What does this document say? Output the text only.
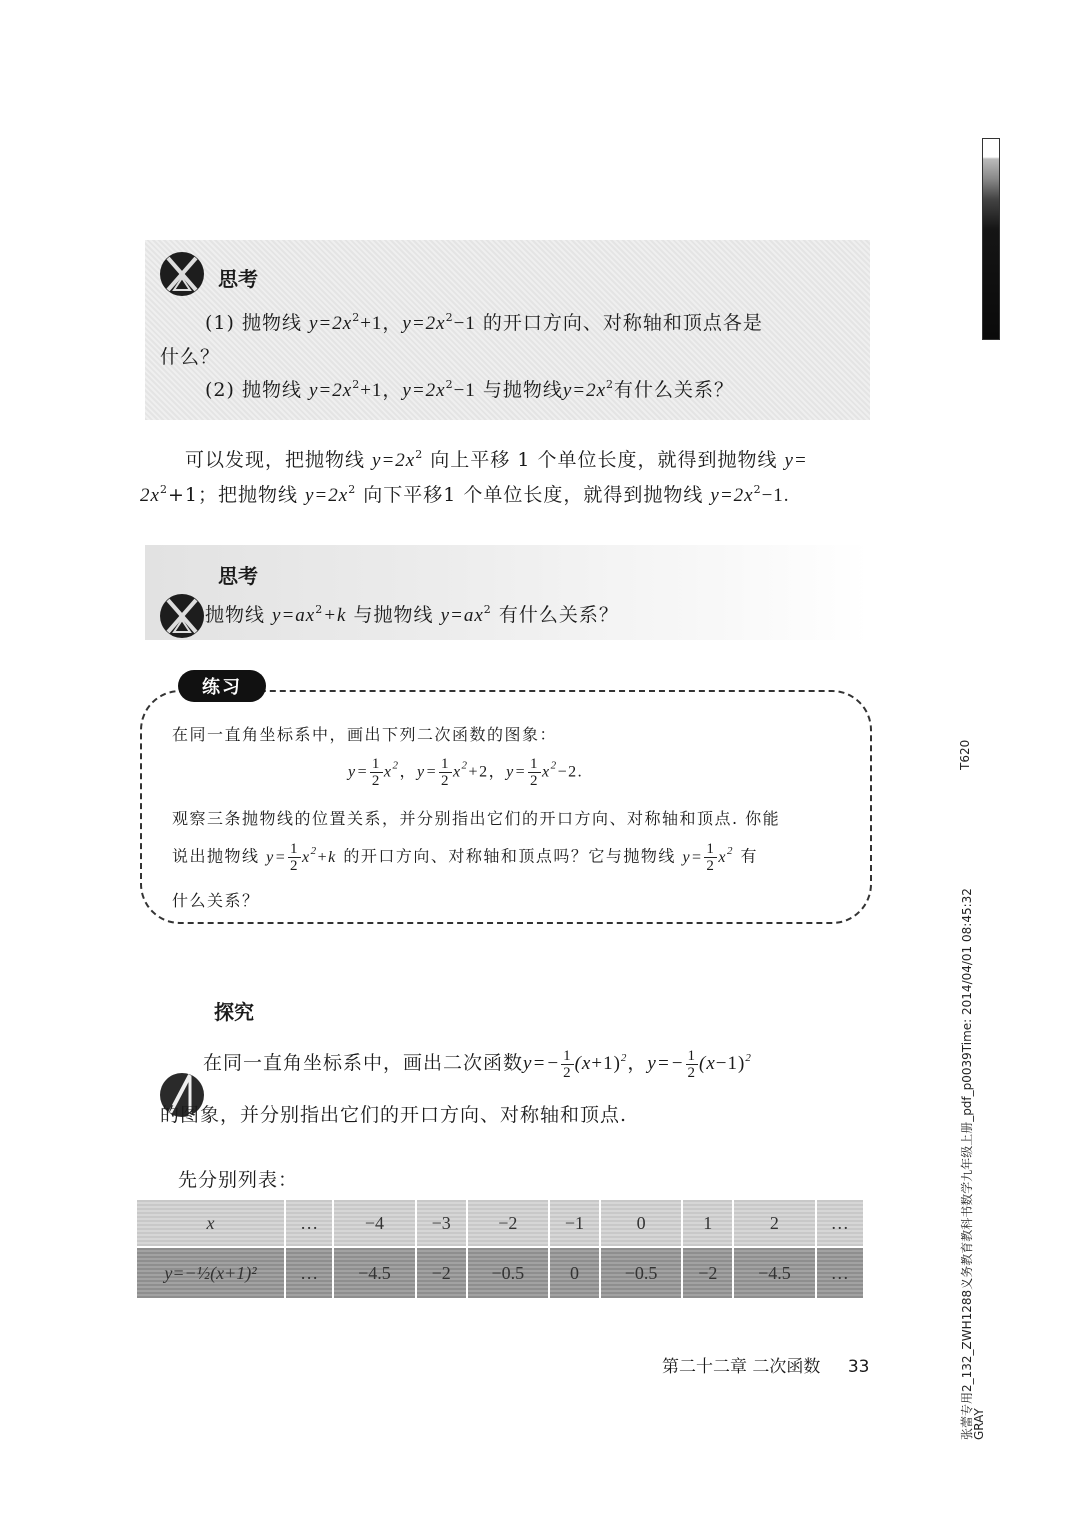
思考
(1) 抛物线 $y=2x^2+1$，$y=2x^2-1$ 的开口方向、对称轴和顶点各是
什么？
(2) 抛物线 $y=2x^2+1$，$y=2x^2-1$ 与抛物线$y=2x^2$有什么关系？
可以发现，把抛物线 $y=2x^2$ 向上平移 1 个单位长度，就得到抛物线 y=
$2x^2+1$；把抛物线 $y=2x^2$ 向下平移1 个单位长度，就得到抛物线 $y=2x^2-1$.
思考
抛物线 $y=ax^2+k$ 与抛物线 $y=ax^2$ 有什么关系？
练习
在同一直角坐标系中，画出下列二次函数的图象：
$y= \frac{1}{2} x^2$，$y= \frac{1}{2} x^2+2$，$y= \frac{1}{2} x^2-2$.
观察三条抛物线的位置关系，并分别指出它们的开口方向、对称轴和顶点. 你能
说出抛物线 $y= \frac{1}{2} x^2+k$ 的开口方向、对称轴和顶点吗？它与抛物线 $y= \frac{1}{2} x^2$ 有
什么关系？
探究
在同一直角坐标系中，画出二次函数$y=- \frac{1}{2} (x+1)^2$，$y=- \frac{1}{2} (x-1)^2$
的图象，并分别指出它们的开口方向、对称轴和顶点.
先分别列表：
x	…	−4	−3	−2	−1	0	1	2	…
y=−½(x+1)²	…	−4.5	−2	−0.5	0	−0.5	−2	−4.5	…
第二十二章 二次函数 33
T620
张蕾专用2_132_ZWH1288义务教育教科书数学九年级上册_pdf_p0039Time: 2014/04/01 08:45:32
GRAY
